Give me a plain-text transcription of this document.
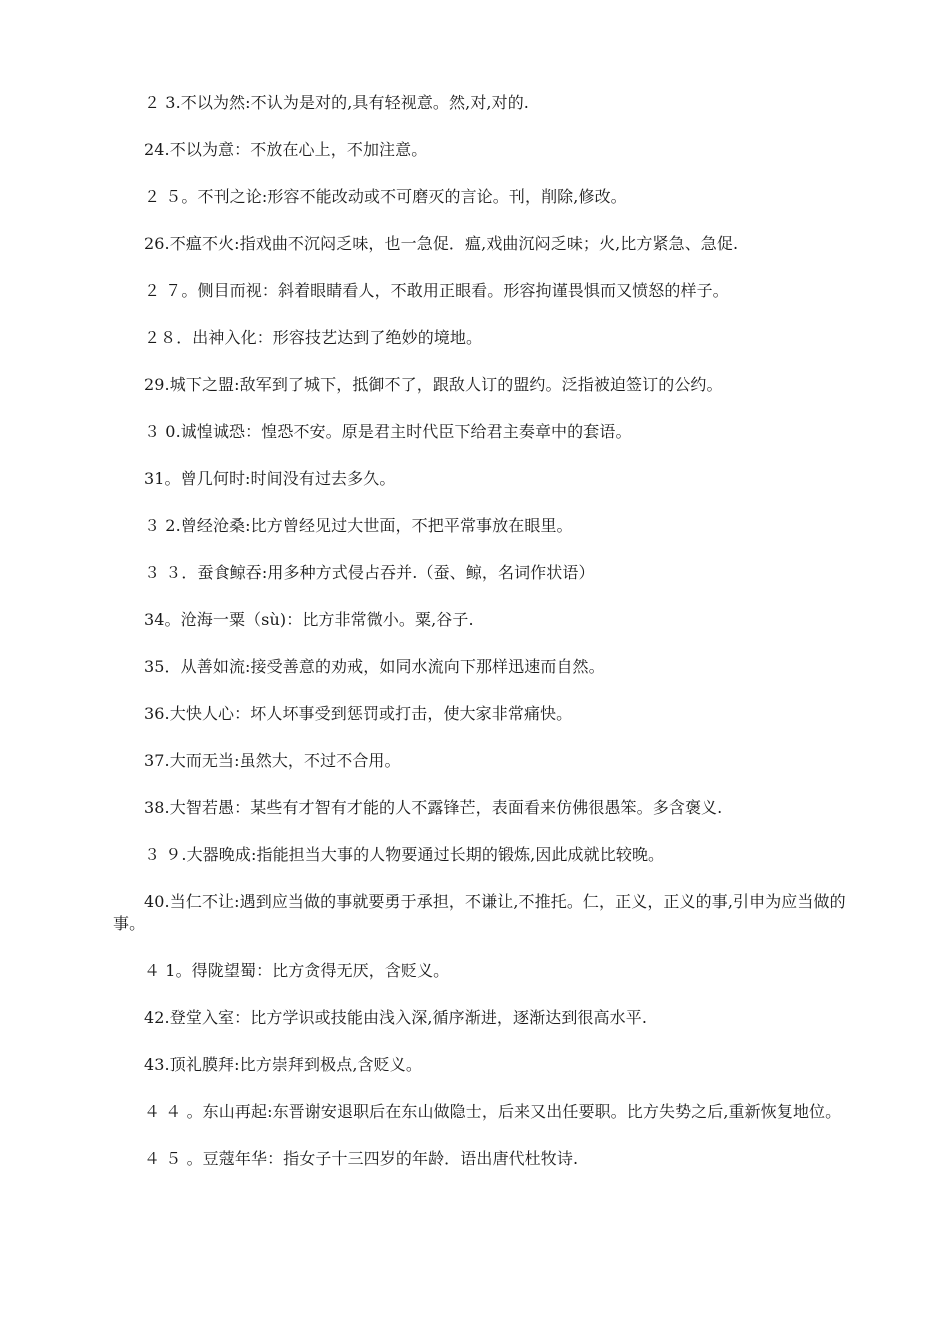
２ 3.不以为然:不认为是对的,具有轻视意。然,对,对的.
24.不以为意：不放在心上，不加注意。
２ ５。不刊之论:形容不能改动或不可磨灭的言论。刊，削除,修改。
26.不瘟不火:指戏曲不沉闷乏味，也一急促．瘟,戏曲沉闷乏味；火,比方紧急、急促.
２ ７。侧目而视：斜着眼睛看人，不敢用正眼看。形容拘谨畏惧而又愤怒的样子。
２８．出神入化：形容技艺达到了绝妙的境地。
29.城下之盟:敌军到了城下，抵御不了，跟敌人订的盟约。泛指被迫签订的公约。
３ 0.诚惶诚恐：惶恐不安。原是君主时代臣下给君主奏章中的套语。
31。曾几何时:时间没有过去多久。
３ 2.曾经沧桑:比方曾经见过大世面，不把平常事放在眼里。
３ ３．蚕食鲸吞:用多种方式侵占吞并.（蚕、鲸，名词作状语）
34。沧海一粟（sù)：比方非常微小。粟,谷子.
35．从善如流:接受善意的劝戒，如同水流向下那样迅速而自然。
36.大快人心：坏人坏事受到惩罚或打击，使大家非常痛快。
37.大而无当:虽然大，不过不合用。
38.大智若愚：某些有才智有才能的人不露锋芒，表面看来仿佛很愚笨。多含褒义.
３ ９.大器晚成:指能担当大事的人物要通过长期的锻炼,因此成就比较晚。
40.当仁不让:遇到应当做的事就要勇于承担，不谦让,不推托。仁，正义，正义的事,引申为应当做的事。
４ 1。得陇望蜀：比方贪得无厌，含贬义。
42.登堂入室：比方学识或技能由浅入深,循序渐进，逐渐达到很高水平.
43.顶礼膜拜:比方崇拜到极点,含贬义。
４ ４ 。东山再起:东晋谢安退职后在东山做隐士，后来又出任要职。比方失势之后,重新恢复地位。
４ ５ 。豆蔻年华：指女子十三四岁的年龄．语出唐代杜牧诗.
